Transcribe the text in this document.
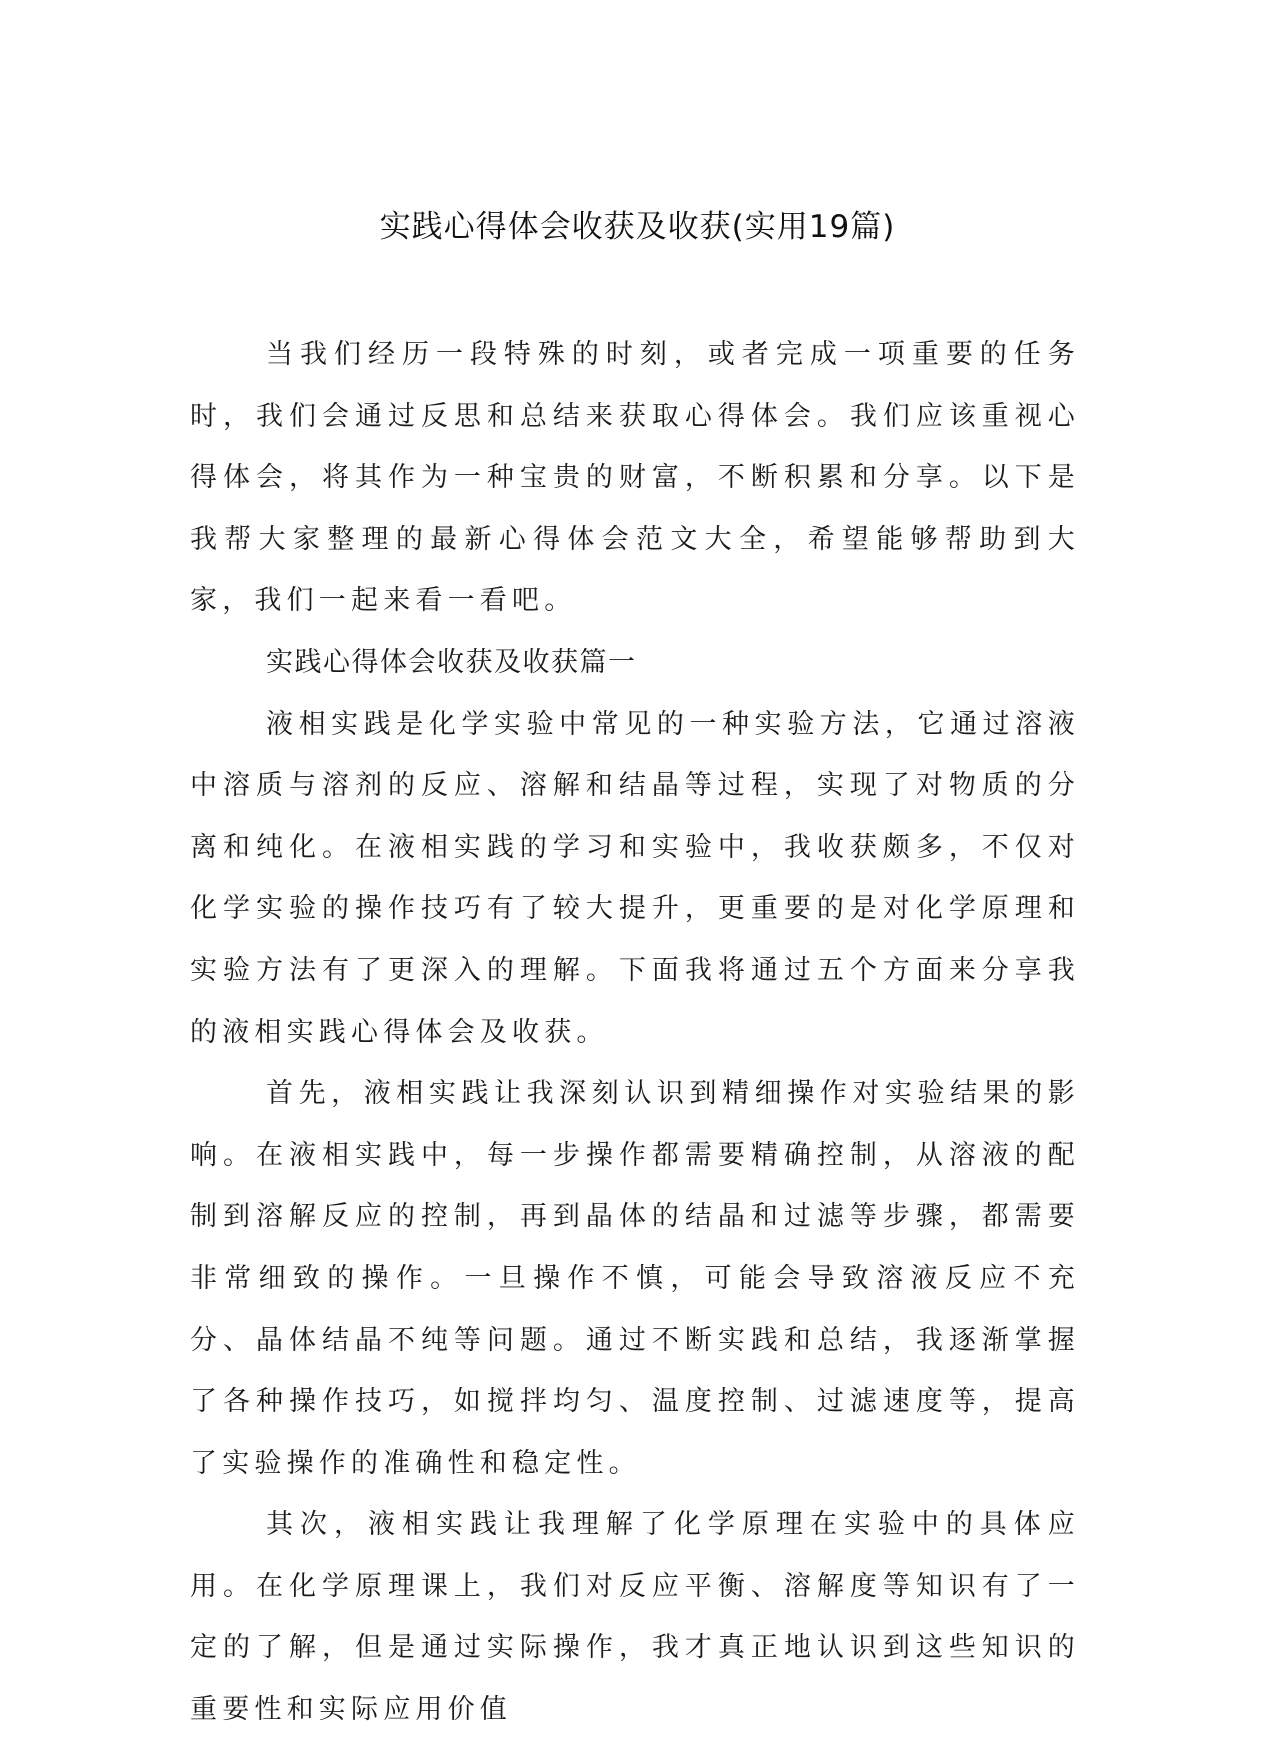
实践心得体会收获及收获(实用19篇)

当我们经历一段特殊的时刻，或者完成一项重要的任务时，我们会通过反思和总结来获取心得体会。我们应该重视心得体会，将其作为一种宝贵的财富，不断积累和分享。以下是我帮大家整理的最新心得体会范文大全，希望能够帮助到大家，我们一起来看一看吧。

实践心得体会收获及收获篇一

液相实践是化学实验中常见的一种实验方法，它通过溶液中溶质与溶剂的反应、溶解和结晶等过程，实现了对物质的分离和纯化。在液相实践的学习和实验中，我收获颇多，不仅对化学实验的操作技巧有了较大提升，更重要的是对化学原理和实验方法有了更深入的理解。下面我将通过五个方面来分享我的液相实践心得体会及收获。

首先，液相实践让我深刻认识到精细操作对实验结果的影响。在液相实践中，每一步操作都需要精确控制，从溶液的配制到溶解反应的控制，再到晶体的结晶和过滤等步骤，都需要非常细致的操作。一旦操作不慎，可能会导致溶液反应不充分、晶体结晶不纯等问题。通过不断实践和总结，我逐渐掌握了各种操作技巧，如搅拌均匀、温度控制、过滤速度等，提高了实验操作的准确性和稳定性。

其次，液相实践让我理解了化学原理在实验中的具体应用。在化学原理课上，我们对反应平衡、溶解度等知识有了一定的了解，但是通过实际操作，我才真正地认识到这些知识的重要性和实际应用价值
